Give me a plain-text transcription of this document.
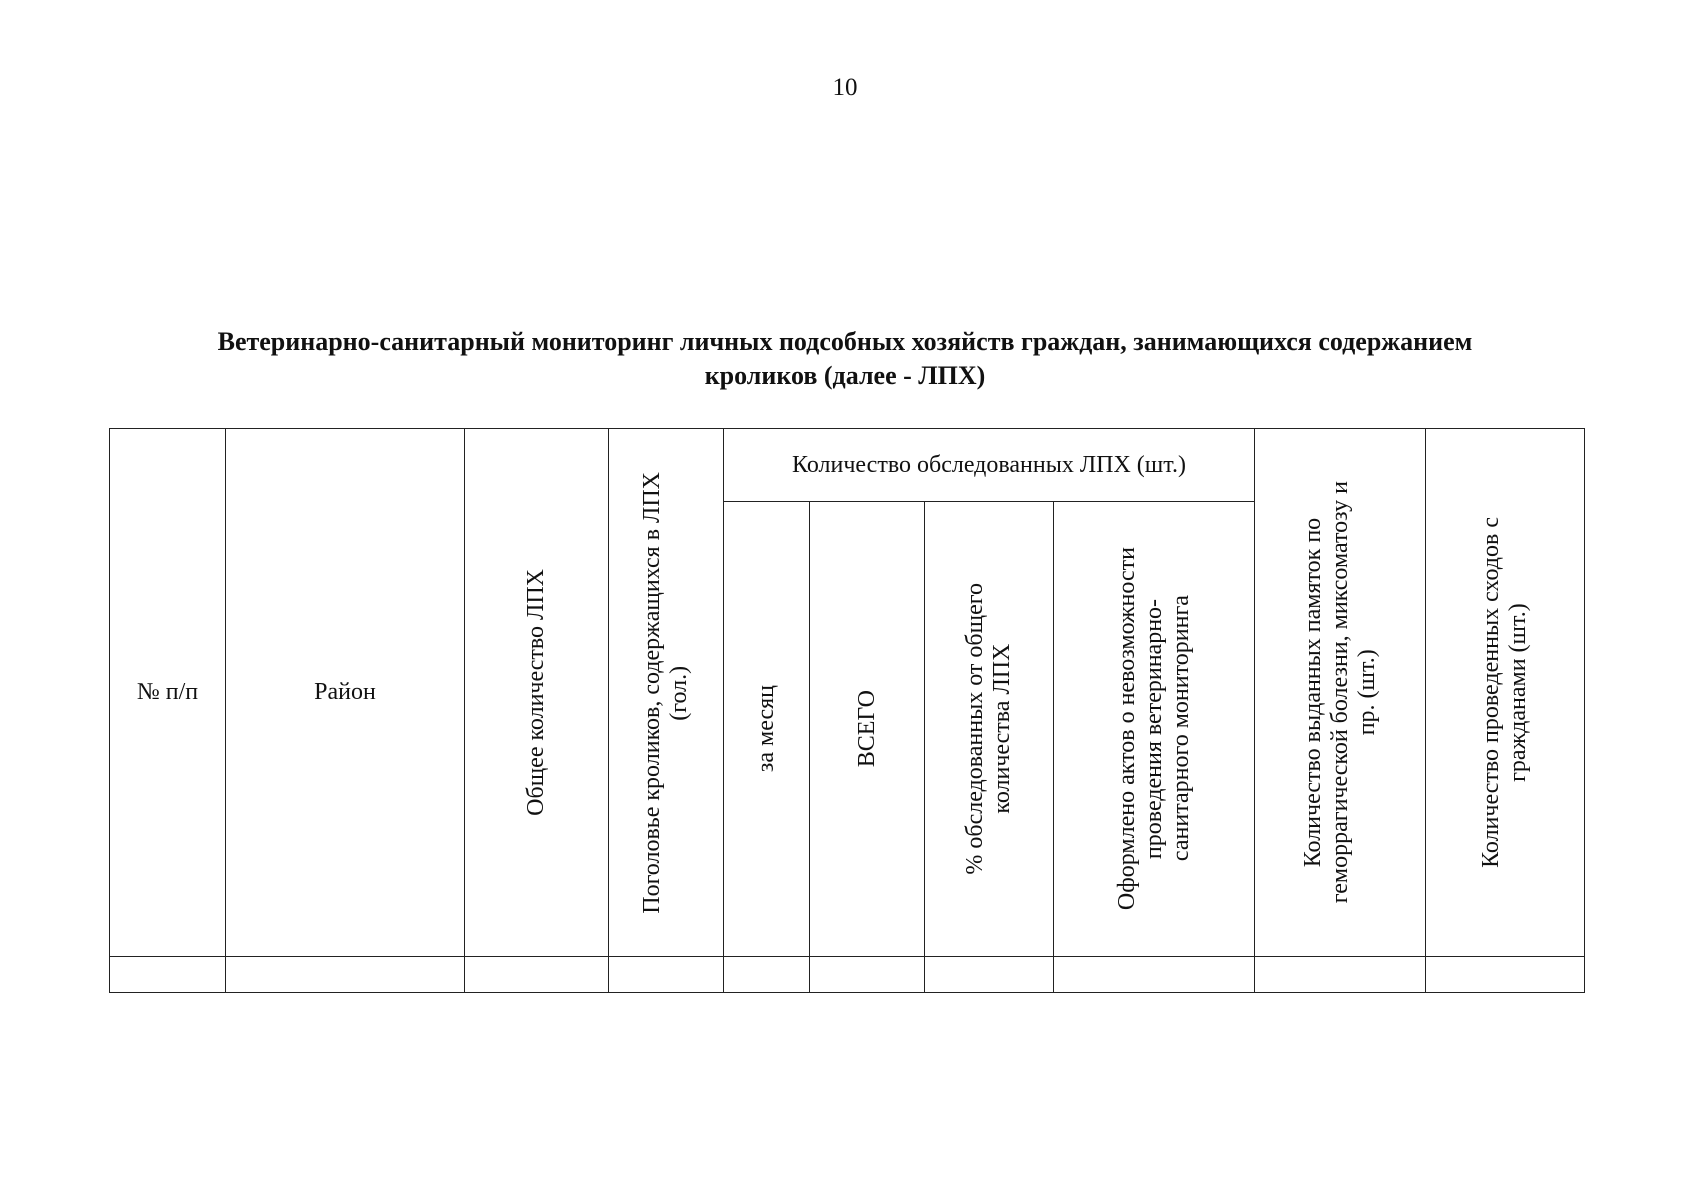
10
Ветеринарно-санитарный мониторинг личных подсобных хозяйств граждан, занимающихся содержанием
кроликов (далее - ЛПХ)
№ п/п	Район	Общее количество ЛПХ	Поголовье кроликов, содержащихся в ЛПХ (гол.)	Количество обследованных ЛПХ (шт.)				Количество выданных памяток по геморрагической болезни, миксоматозу и пр. (шт.)	Количество проведенных сходов с гражданами (шт.)

				за месяц	ВСЕГО	% обследованных от общего количества ЛПХ	Оформлено актов о невозможности проведения ветеринарно- санитарного мониторинга		
